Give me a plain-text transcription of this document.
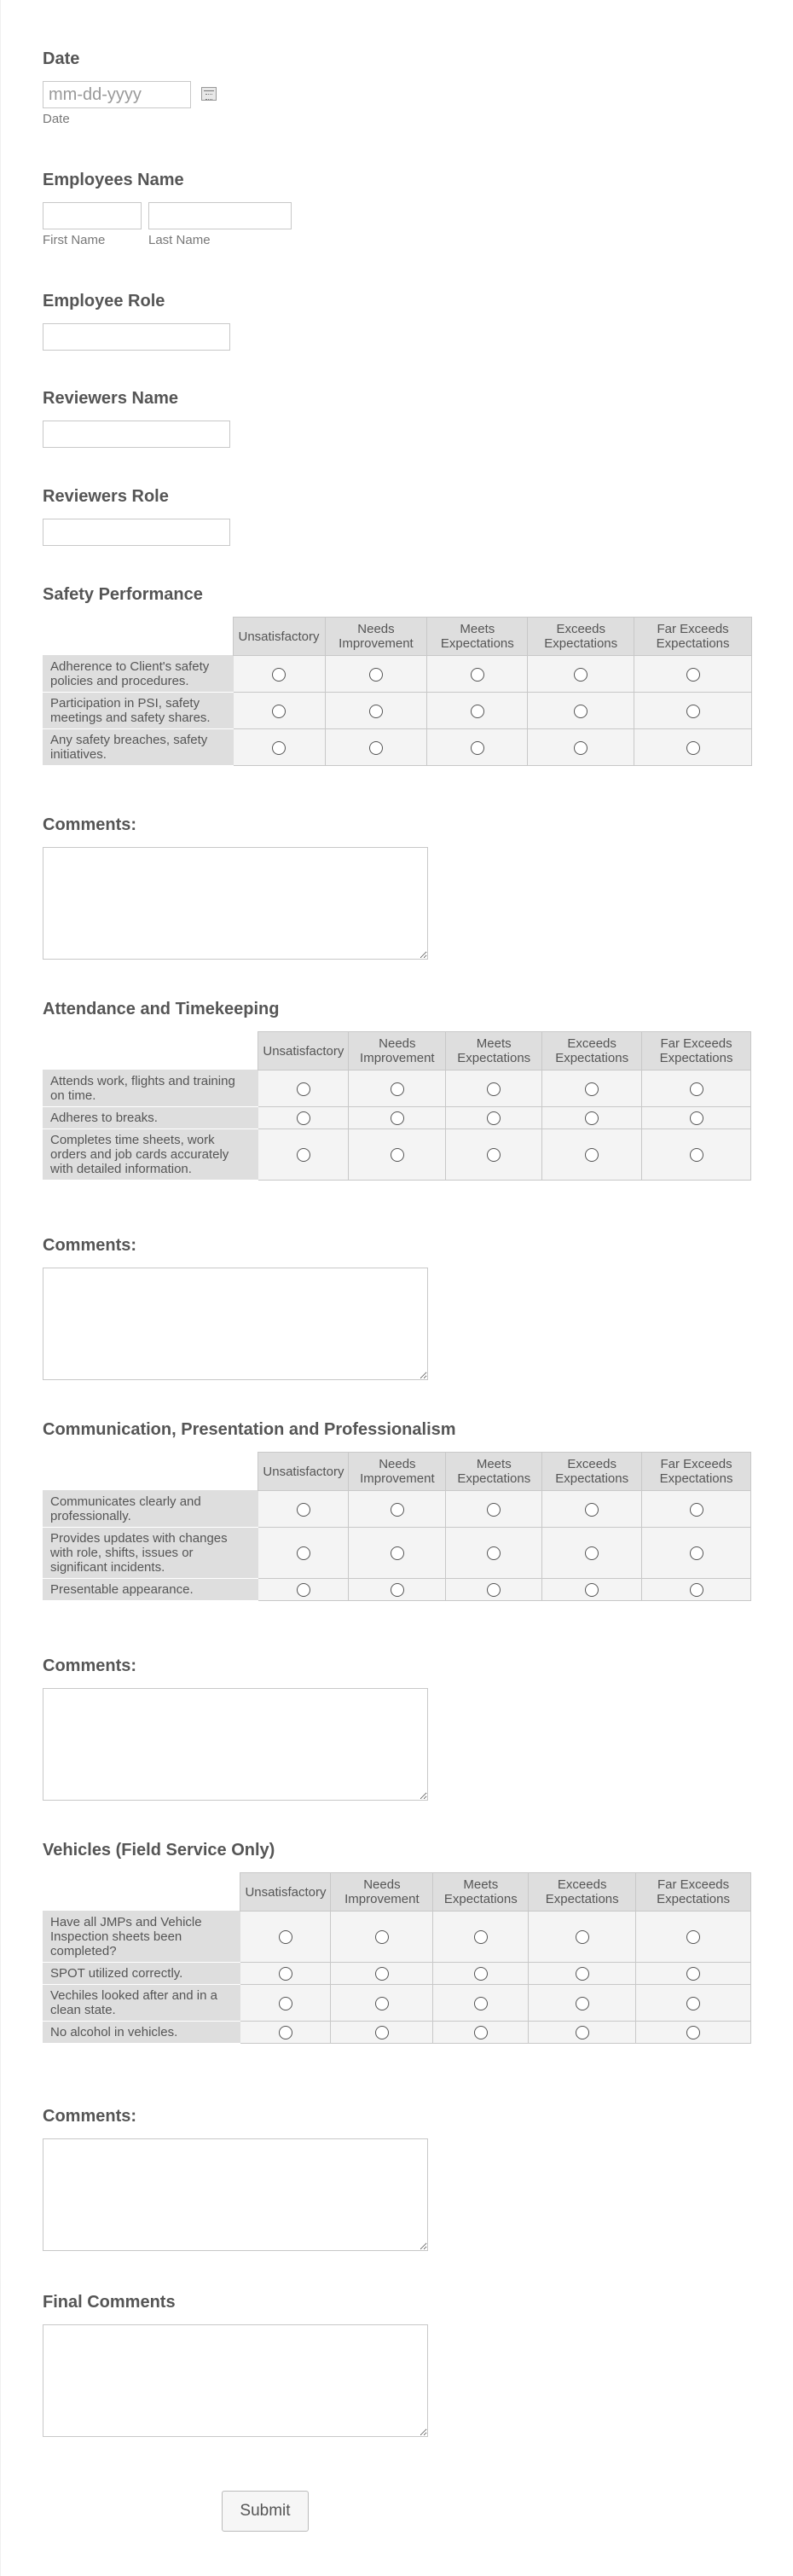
Date
mm-dd-yyyy
Date
Employees Name
First Name	Last Name
Employee Role
Reviewers Name
Reviewers Role
Safety Performance
	Unsatisfactory	Needs Improvement	Meets Expectations	Exceeds Expectations	Far Exceeds Expectations
Adherence to Client's safety policies and procedures.					
Participation in PSI, safety meetings and safety shares.					
Any safety breaches, safety initiatives.					
Comments:
Attendance and Timekeeping
	Unsatisfactory	Needs Improvement	Meets Expectations	Exceeds Expectations	Far Exceeds Expectations
Attends work, flights and training on time.					
Adheres to breaks.					
Completes time sheets, work orders and job cards accurately with detailed information.					
Comments:
Communication, Presentation and Professionalism
	Unsatisfactory	Needs Improvement	Meets Expectations	Exceeds Expectations	Far Exceeds Expectations
Communicates clearly and professionally.					
Provides updates with changes with role, shifts, issues or significant incidents.					
Presentable appearance.					
Comments:
Vehicles (Field Service Only)
	Unsatisfactory	Needs Improvement	Meets Expectations	Exceeds Expectations	Far Exceeds Expectations
Have all JMPs and Vehicle Inspection sheets been completed?					
SPOT utilized correctly.					
Vechiles looked after and in a clean state.					
No alcohol in vehicles.					
Comments:
Final Comments
Submit
